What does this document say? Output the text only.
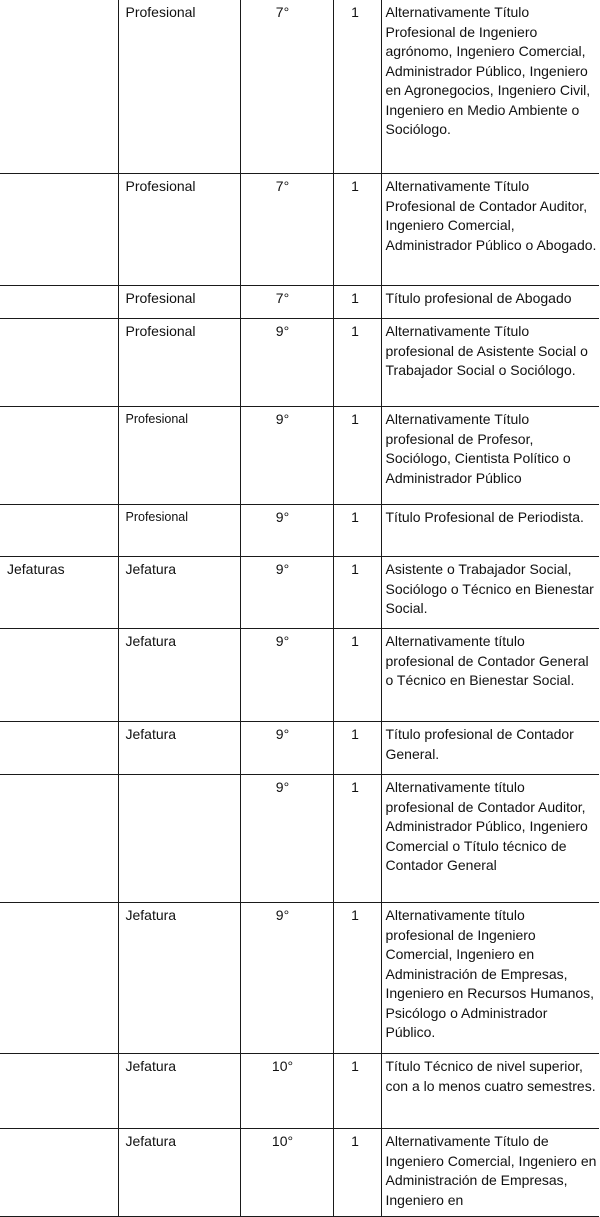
	Profesional	7°	1	Alternativamente Título Profesional de Ingeniero agrónomo, Ingeniero Comercial, Administrador Público, Ingeniero en Agronegocios, Ingeniero Civil, Ingeniero en Medio Ambiente o Sociólogo.
	Profesional	7°	1	Alternativamente Título Profesional de Contador Auditor, Ingeniero Comercial, Administrador Público o Abogado.
	Profesional	7°	1	Título profesional de Abogado
	Profesional	9°	1	Alternativamente Título profesional de Asistente Social o Trabajador Social o Sociólogo.
	Profesional	9°	1	Alternativamente Título profesional de Profesor, Sociólogo, Cientista Político o Administrador Público
	Profesional	9°	1	Título Profesional de Periodista.
Jefaturas	Jefatura	9°	1	Asistente o Trabajador Social, Sociólogo o Técnico en Bienestar Social.
	Jefatura	9°	1	Alternativamente título profesional de Contador General o Técnico en Bienestar Social.
	Jefatura	9°	1	Título profesional de Contador General.
		9°	1	Alternativamente título profesional de Contador Auditor, Administrador Público, Ingeniero Comercial o Título técnico de Contador General
	Jefatura	9°	1	Alternativamente título profesional de Ingeniero Comercial, Ingeniero en Administración de Empresas, Ingeniero en Recursos Humanos, Psicólogo o Administrador Público.
	Jefatura	10°	1	Título Técnico de nivel superior, con a lo menos cuatro semestres.
	Jefatura	10°	1	Alternativamente Título de Ingeniero Comercial, Ingeniero en Administración de Empresas, Ingeniero en
